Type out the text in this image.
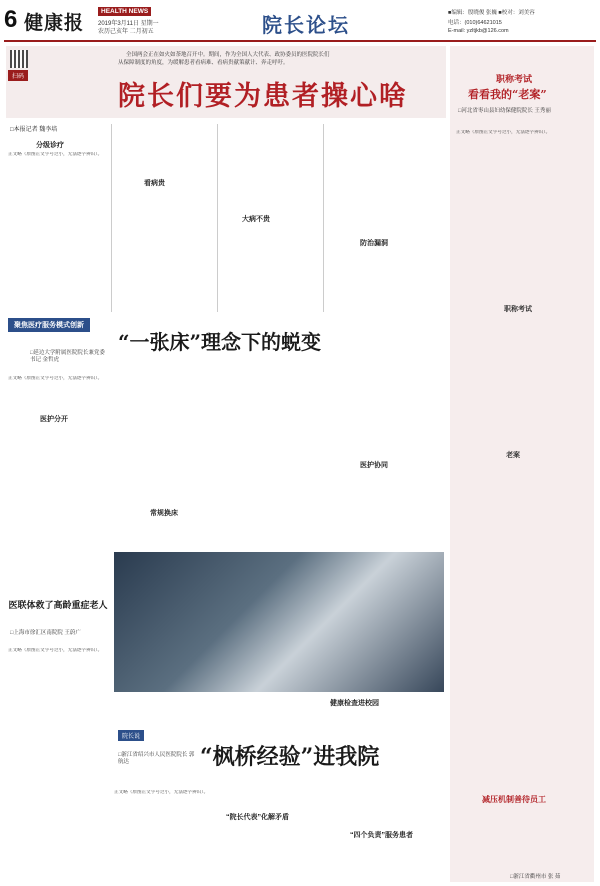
6 健康报
HEALTH NEWS
2019年3月11日 星期一
农历己亥年 二月初五	院长论坛	■编辑：殷晓俊 张巍 ■校对：刘美容
电话：(010)64621015
E-mail: yzltjkb@126.com
扫码
全国两会正在如火如荼地召开中。期间，作为全国人大代表、政协委员的医院院长们
从保障制度的角度，为缓解患者看病难、看病贵献策献计、奔走呼吁。
院长们要为患者操心啥
职称考试
看看我的“老案”
□河北省枣山县妇幼保健院院长 王秀丽
正文略（原图正文字号过小，无法逐字辨识）。
职称考试
老案
减压机制善待员工
□浙江省衢州市 张 茹
□本报记者 魏李培
分级诊疗
正文略（原图正文字号过小，无法逐字辨识）。
看病贵
大病不贵
防治漏洞
聚焦医疗服务模式创新
“一张床”理念下的蜕变
□延边大学附属医院院长兼党委书记 金哲虎
正文略（原图正文字号过小，无法逐字辨识）。
医护分开
常规换床
医护协同
健康检查进校园
医联体救了高龄重症老人
□上海市徐汇区南院院 王蔚广
正文略（原图正文字号过小，无法逐字辨识）。
院长说
“枫桥经验”进我院
□浙江省绍兴市人民医院院长 郭航达
正文略（原图正文字号过小，无法逐字辨识）。
“院长代表”化解矛盾
“四个负责”服务患者
